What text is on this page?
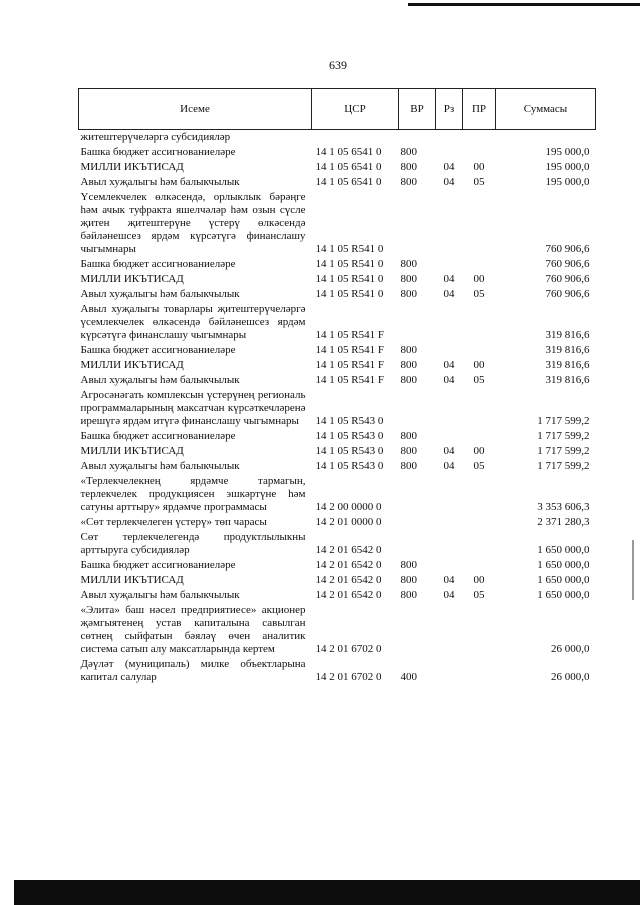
639
Исеме	ЦСР	ВР	Рз	ПР	Суммасы
житештерүчеләргә субсидияләр					
Башка бюджет ассигнованиеләре	14 1 05 6541 0	800			195 000,0
МИЛЛИ ИКЪТИСАД	14 1 05 6541 0	800	04	00	195 000,0
Авыл хуҗалыгы һәм балыкчылык	14 1 05 6541 0	800	04	05	195 000,0
Үсемлекчелек өлкәсендә, орлыклык бәрәңге һәм ачык туфракта яшелчәләр һәм озын сүсле җитен җитештерүне үстерү өлкәсендә бәйләнешсез ярдәм күрсәтүгә финанслашу чыгымнары	14 1 05 R541 0				760 906,6
Башка бюджет ассигнованиеләре	14 1 05 R541 0	800			760 906,6
МИЛЛИ ИКЪТИСАД	14 1 05 R541 0	800	04	00	760 906,6
Авыл хуҗалыгы һәм балыкчылык	14 1 05 R541 0	800	04	05	760 906,6
Авыл хуҗалыгы товарлары җитештерүчеләргә үсемлекчелек өлкәсендә бәйләнешсез ярдәм күрсәтүгә финанслашу чыгымнары	14 1 05 R541 F				319 816,6
Башка бюджет ассигнованиеләре	14 1 05 R541 F	800			319 816,6
МИЛЛИ ИКЪТИСАД	14 1 05 R541 F	800	04	00	319 816,6
Авыл хуҗалыгы һәм балыкчылык	14 1 05 R541 F	800	04	05	319 816,6
Агросәнәгать комплексын үстерүнең региональ программаларының максатчан күрсәткечләренә ирешүгә ярдәм итүгә финанслашу чыгымнары	14 1 05 R543 0				1 717 599,2
Башка бюджет ассигнованиеләре	14 1 05 R543 0	800			1 717 599,2
МИЛЛИ ИКЪТИСАД	14 1 05 R543 0	800	04	00	1 717 599,2
Авыл хуҗалыгы һәм балыкчылык	14 1 05 R543 0	800	04	05	1 717 599,2
«Терлекчелекнең ярдәмче тармагын, терлекчелек продукциясен эшкәртүне һәм сатуны арттыру» ярдәмче программасы	14 2 00 0000 0				3 353 606,3
«Сөт терлекчелеген үстерү» төп чарасы	14 2 01 0000 0				2 371 280,3
Сөт терлекчелегендә продуктлылыкны арттыруга субсидияләр	14 2 01 6542 0				1 650 000,0
Башка бюджет ассигнованиеләре	14 2 01 6542 0	800			1 650 000,0
МИЛЛИ ИКЪТИСАД	14 2 01 6542 0	800	04	00	1 650 000,0
Авыл хуҗалыгы һәм балыкчылык	14 2 01 6542 0	800	04	05	1 650 000,0
«Элита» баш нәсел предприятиесе» акционер җәмгыятенең устав капиталына савылган сөтнең сыйфатын бәяләү өчен аналитик система сатып алу максатларында кертем	14 2 01 6702 0				26 000,0
Дәүләт (муниципаль) милке объектларына капитал салулар	14 2 01 6702 0	400			26 000,0
